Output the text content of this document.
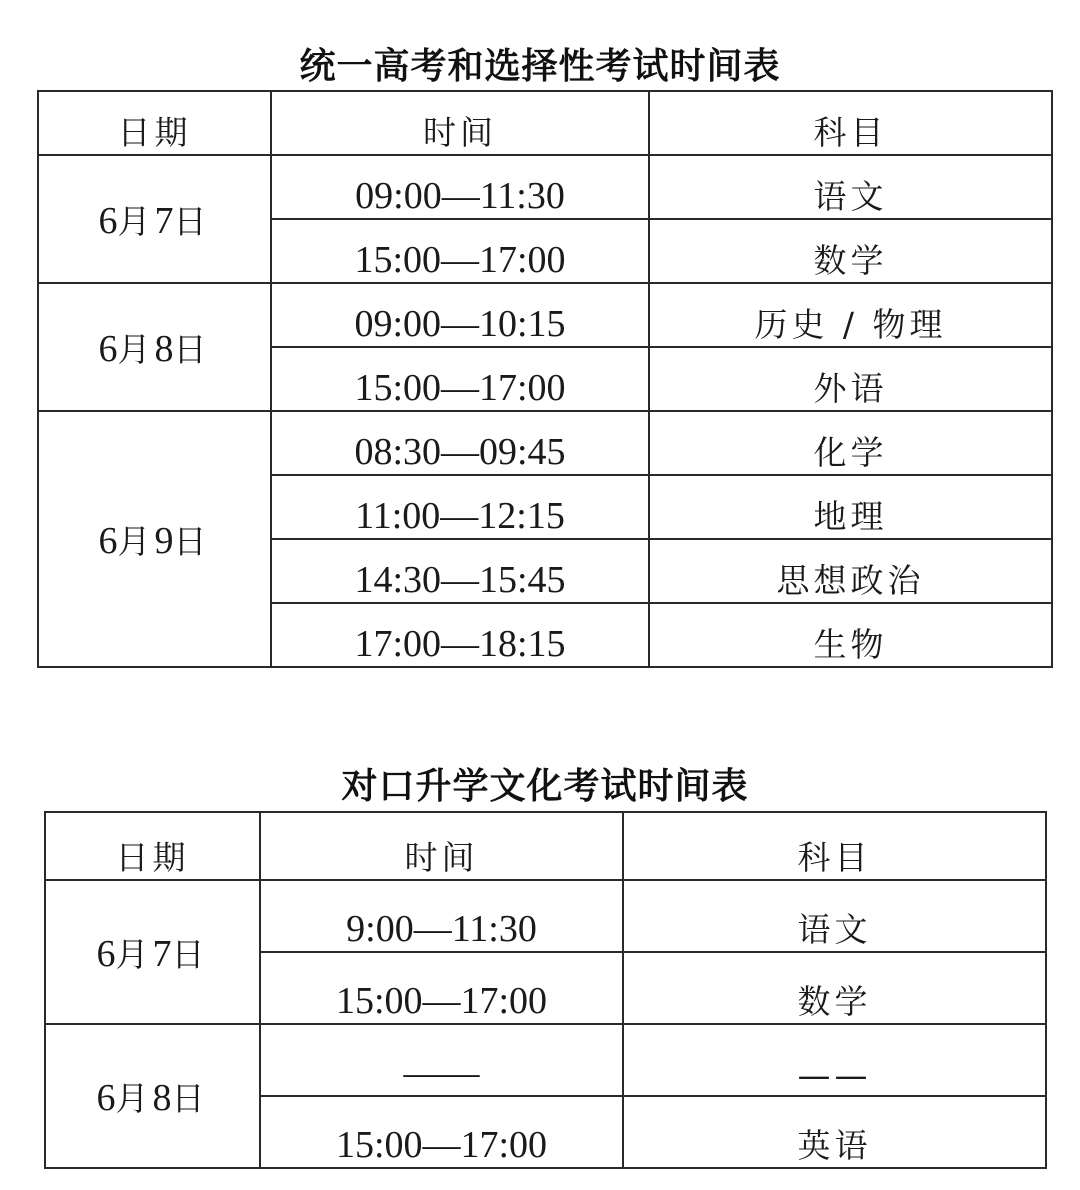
统一高考和选择性考试时间表
日期	时间	科目
6月7日	09:00—11:30	语文
	15:00—17:00	数学
6月8日	09:00—10:15	历史 / 物理
	15:00—17:00	外语
6月9日	08:30—09:45	化学
	11:00—12:15	地理
	14:30—15:45	思想政治
	17:00—18:15	生物
对口升学文化考试时间表
日期	时间	科目
6月7日	9:00—11:30	语文
	15:00—17:00	数学
6月8日	——	——
	15:00—17:00	英语
